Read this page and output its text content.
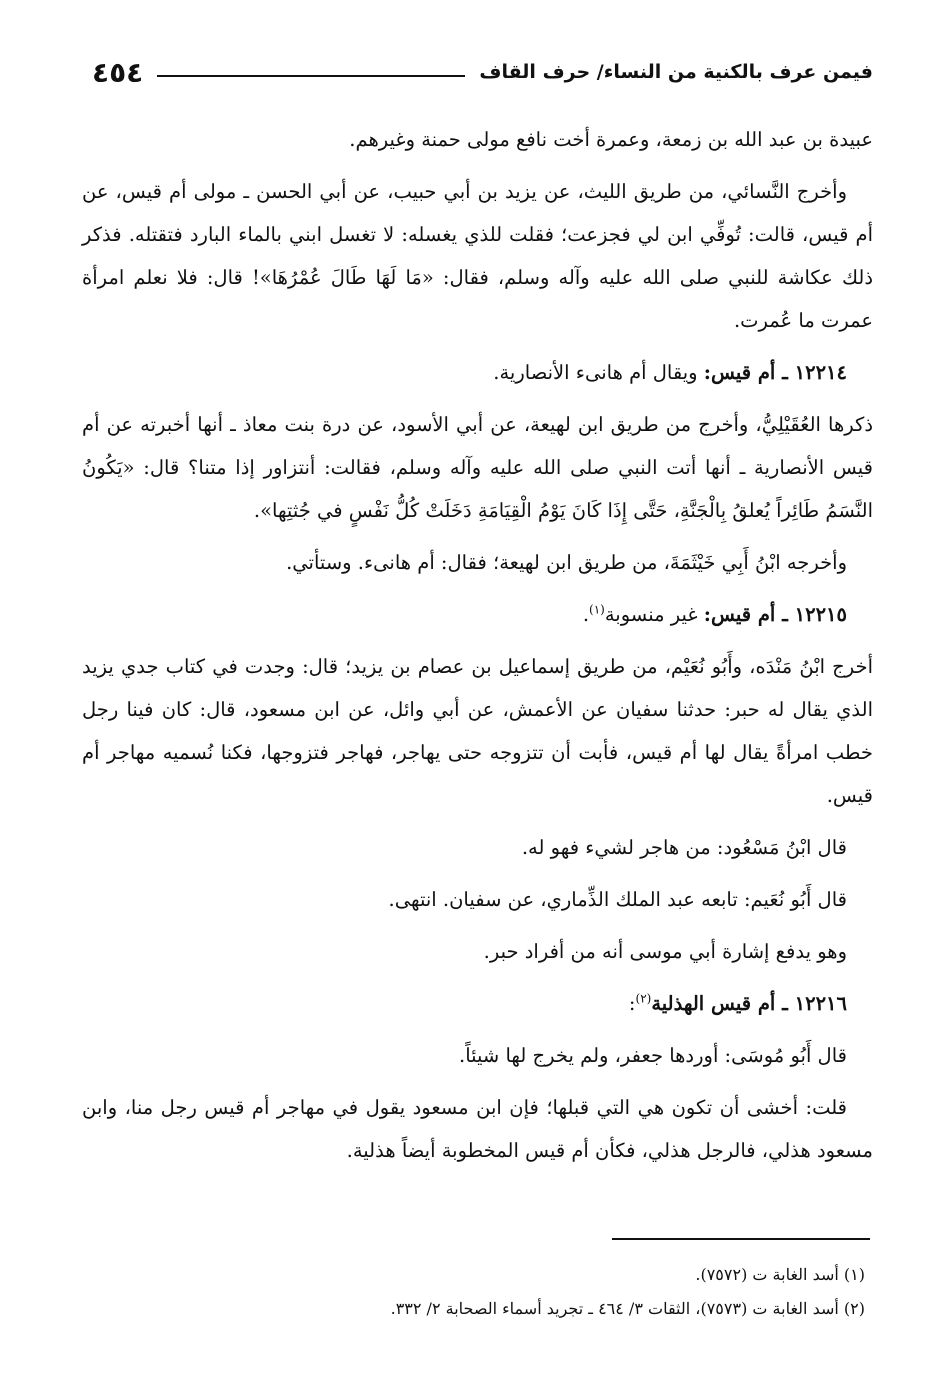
فيمن عرف بالكنية من النساء/ حرف القاف
٤٥٤

عبيدة بن عبد الله بن زمعة، وعمرة أخت نافع مولى حمنة وغيرهم.

وأخرج النَّسائي، من طريق الليث، عن يزيد بن أبي حبيب، عن أبي الحسن ـ مولى أم قيس، عن أم قيس، قالت: تُوفِّي ابن لي فجزعت؛ فقلت للذي يغسله: لا تغسل ابني بالماء البارد فتقتله. فذكر ذلك عكاشة للنبي صلى الله عليه وآله وسلم، فقال: «مَا لَهَا طَالَ عُمْرُهَا»! قال: فلا نعلم امرأة عمرت ما عُمرت.

١٢٢١٤ ـ أم قيس: ويقال أم هانىء الأنصارية.

ذكرها العُقَيْلِيُّ، وأخرج من طريق ابن لهيعة، عن أبي الأسود، عن درة بنت معاذ ـ أنها أخبرته عن أم قيس الأنصارية ـ أنها أتت النبي صلى الله عليه وآله وسلم، فقالت: أنتزاور إذا متنا؟ قال: «يَكُونُ النَّسَمُ طَائِراً يُعلقُ بِالْجَنَّةِ، حَتَّى إِذَا كَانَ يَوْمُ الْقِيَامَةِ دَخَلَتْ كُلُّ نَفْسٍ في جُثتِها».

وأخرجه ابْنُ أَبِي خَيْثَمَةَ، من طريق ابن لهيعة؛ فقال: أم هانىء. وستأتي.

١٢٢١٥ ـ أم قيس: غير منسوبة$^{(١)}$.

أخرج ابْنُ مَنْدَه، وأَبُو نُعَيْم، من طريق إسماعيل بن عصام بن يزيد؛ قال: وجدت في كتاب جدي يزيد الذي يقال له حبر: حدثنا سفيان عن الأعمش، عن أبي وائل، عن ابن مسعود، قال: كان فينا رجل خطب امرأةً يقال لها أم قيس، فأبت أن تتزوجه حتى يهاجر، فهاجر فتزوجها، فكنا نُسميه مهاجر أم قيس.

قال ابْنُ مَسْعُود: من هاجر لشيء فهو له.

قال أَبُو نُعَيم: تابعه عبد الملك الذِّماري، عن سفيان. انتهى.

وهو يدفع إشارة أبي موسى أنه من أفراد حبر.

١٢٢١٦ ـ أم قيس الهذلية$^{(٢)}$:

قال أَبُو مُوسَى: أوردها جعفر، ولم يخرج لها شيئاً.

قلت: أخشى أن تكون هي التي قبلها؛ فإن ابن مسعود يقول في مهاجر أم قيس رجل منا، وابن مسعود هذلي، فالرجل هذلي، فكأن أم قيس المخطوبة أيضاً هذلية.

(١) أسد الغابة ت (٧٥٧٢).

(٢) أسد الغابة ت (٧٥٧٣)، الثقات ٣/ ٤٦٤ ـ تجريد أسماء الصحابة ٢/ ٣٣٢.
